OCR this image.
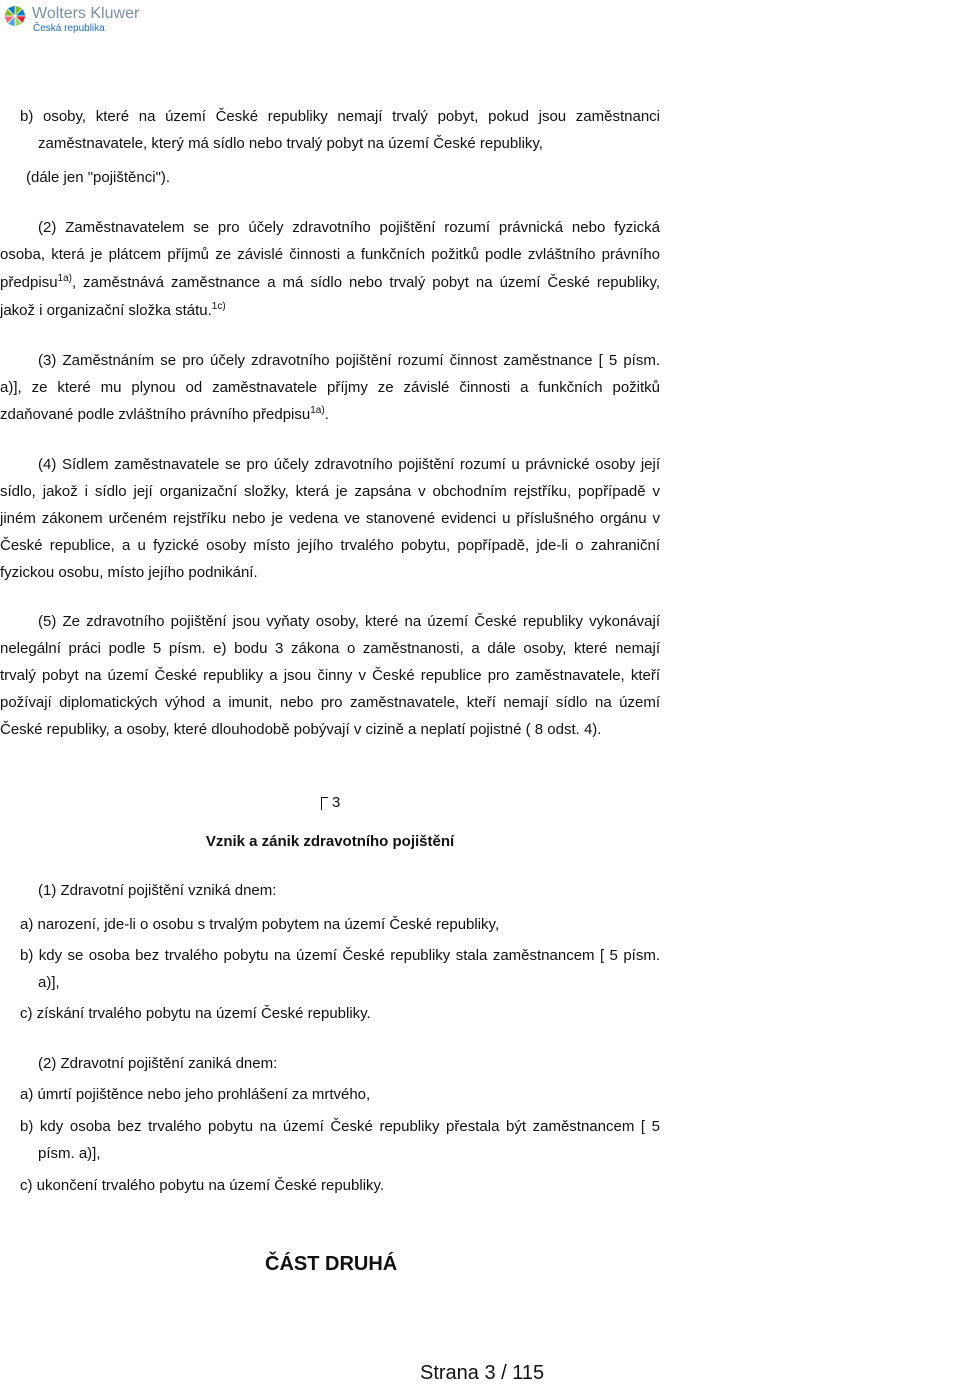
Wolters Kluwer
Česká republika
b) osoby, které na území České republiky nemají trvalý pobyt, pokud jsou zaměstnanci
zaměstnavatele, který má sídlo nebo trvalý pobyt na území České republiky,
(dále jen "pojištěnci").
(2) Zaměstnavatelem se pro účely zdravotního pojištění rozumí právnická nebo fyzická
osoba, která je plátcem příjmů ze závislé činnosti a funkčních požitků podle zvláštního právního
předpisu$^{1a)}$, zaměstnává zaměstnance a má sídlo nebo trvalý pobyt na území České republiky,
jakož i organizační složka státu.$^{1c)}$
(3) Zaměstnáním se pro účely zdravotního pojištění rozumí činnost zaměstnance [ 5 písm.
a)], ze které mu plynou od zaměstnavatele příjmy ze závislé činnosti a funkčních požitků
zdaňované podle zvláštního právního předpisu$^{1a)}$.
(4) Sídlem zaměstnavatele se pro účely zdravotního pojištění rozumí u právnické osoby její
sídlo, jakož i sídlo její organizační složky, která je zapsána v obchodním rejstříku, popřípadě v
jiném zákonem určeném rejstříku nebo je vedena ve stanovené evidenci u příslušného orgánu v
České republice, a u fyzické osoby místo jejího trvalého pobytu, popřípadě, jde-li o zahraniční
fyzickou osobu, místo jejího podnikání.
(5) Ze zdravotního pojištění jsou vyňaty osoby, které na území České republiky vykonávají
nelegální práci podle 5 písm. e) bodu 3 zákona o zaměstnanosti, a dále osoby, které nemají
trvalý pobyt na území České republiky a jsou činny v České republice pro zaměstnavatele, kteří
požívají diplomatických výhod a imunit, nebo pro zaměstnavatele, kteří nemají sídlo na území
České republiky, a osoby, které dlouhodobě pobývají v cizině a neplatí pojistné ( 8 odst. 4).
3
Vznik a zánik zdravotního pojištění
(1) Zdravotní pojištění vzniká dnem:
a) narození, jde-li o osobu s trvalým pobytem na území České republiky,
b) kdy se osoba bez trvalého pobytu na území České republiky stala zaměstnancem [ 5 písm.
a)],
c) získání trvalého pobytu na území České republiky.
(2) Zdravotní pojištění zaniká dnem:
a) úmrtí pojištěnce nebo jeho prohlášení za mrtvého,
b) kdy osoba bez trvalého pobytu na území České republiky přestala být zaměstnancem [ 5
písm. a)],
c) ukončení trvalého pobytu na území České republiky.
ČÁST DRUHÁ
Strana 3 / 115
